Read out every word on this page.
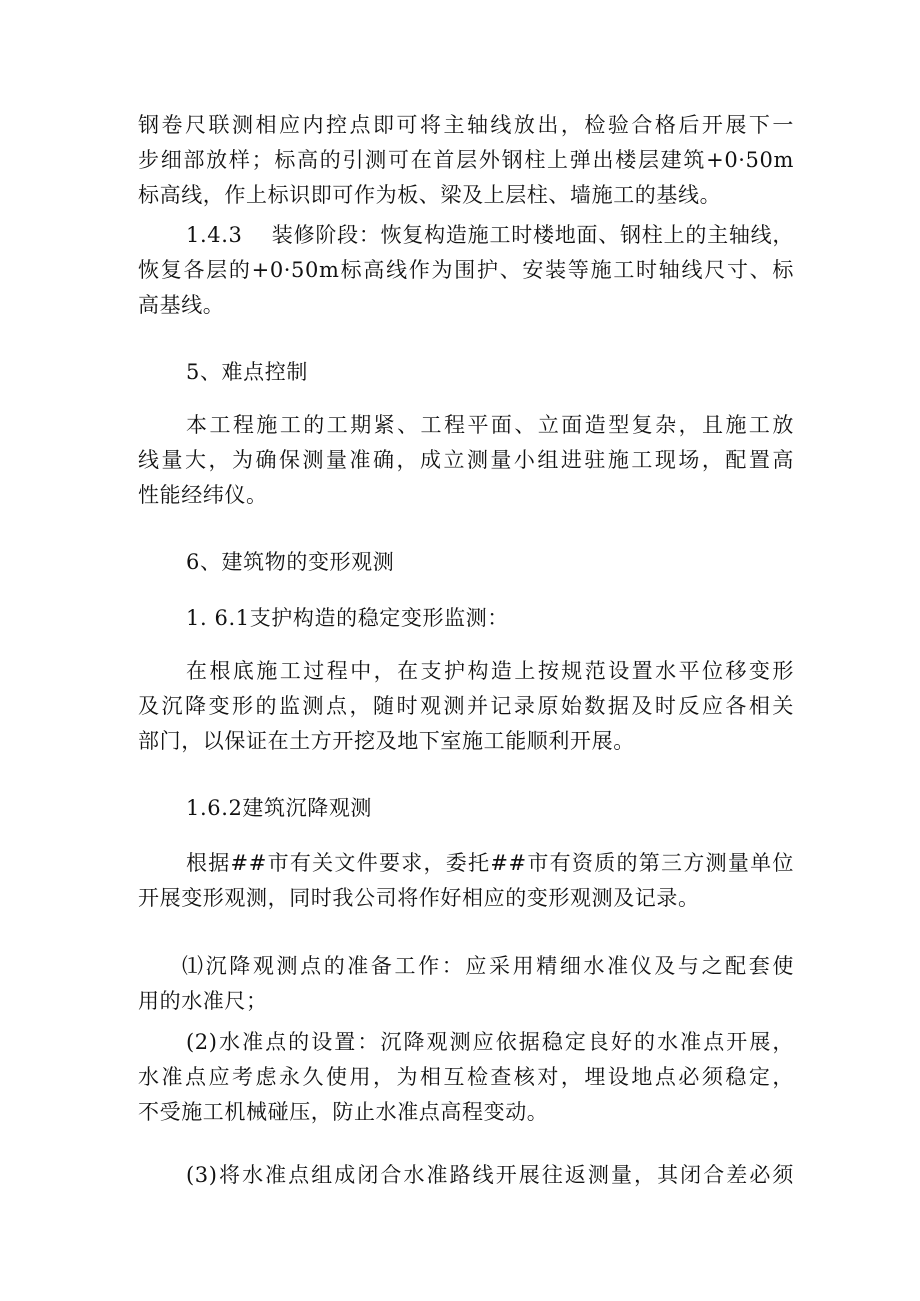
钢卷尺联测相应内控点即可将主轴线放出，检验合格后开展下一
步细部放样；标高的引测可在首层外钢柱上弹出楼层建筑+0·50m
标高线，作上标识即可作为板、梁及上层柱、墙施工的基线。

1.4.3　 装修阶段：恢复构造施工时楼地面、钢柱上的主轴线，
恢复各层的+0·50m标高线作为围护、安装等施工时轴线尺寸、标
高基线。

5、难点控制

本工程施工的工期紧、工程平面、立面造型复杂，且施工放
线量大，为确保测量准确，成立测量小组进驻施工现场，配置高
性能经纬仪。

6、建筑物的变形观测

1. 6.1支护构造的稳定变形监测：

在根底施工过程中，在支护构造上按规范设置水平位移变形
及沉降变形的监测点，随时观测并记录原始数据及时反应各相关
部门，以保证在土方开挖及地下室施工能顺利开展。

1.6.2建筑沉降观测

根据##市有关文件要求，委托##市有资质的第三方测量单位
开展变形观测，同时我公司将作好相应的变形观测及记录。

⑴沉降观测点的准备工作：应采用精细水准仪及与之配套使
用的水准尺；

(2)水准点的设置：沉降观测应依据稳定良好的水准点开展，
水准点应考虑永久使用，为相互检查核对，埋设地点必须稳定，
不受施工机械碰压，防止水准点高程变动。

(3)将水准点组成闭合水准路线开展往返测量，其闭合差必须
